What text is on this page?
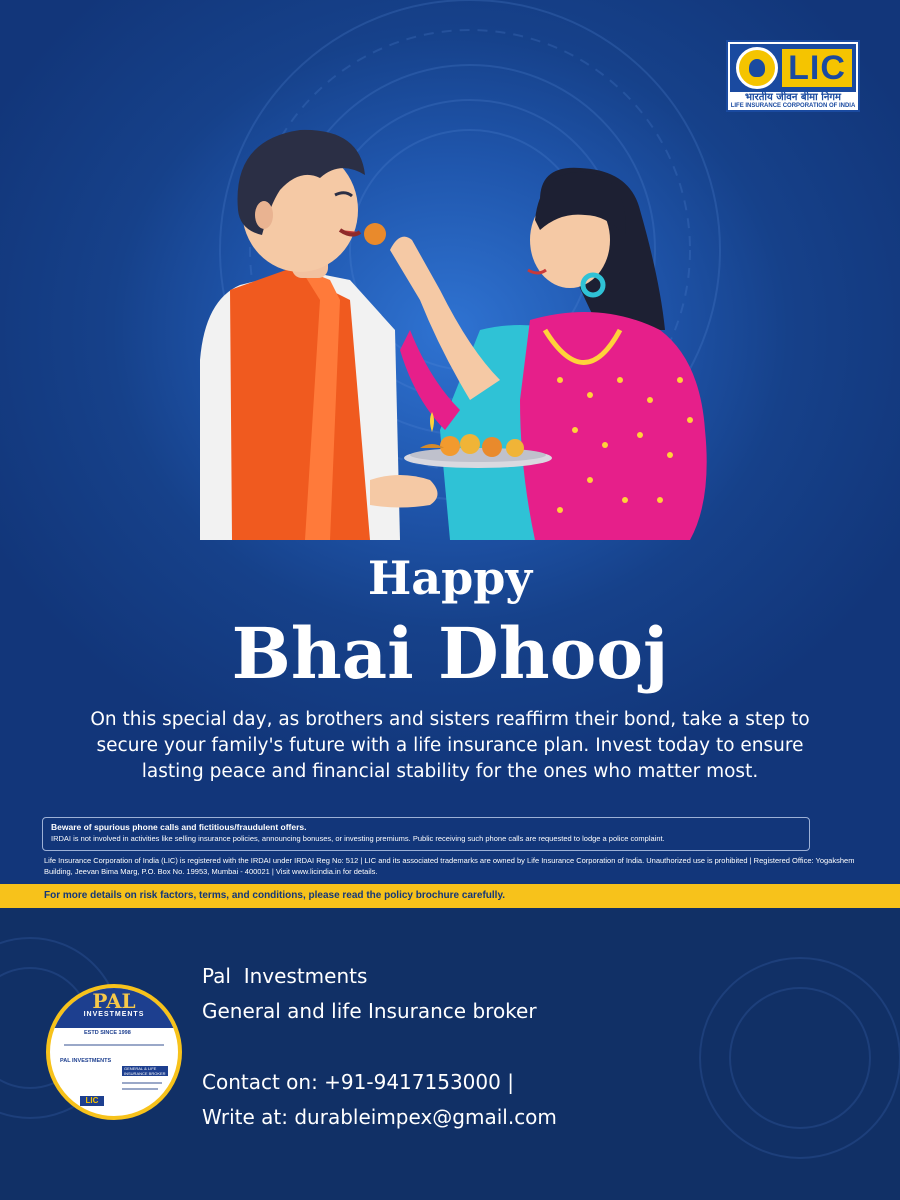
LIC
भारतीय जीवन बीमा निगम
LIFE INSURANCE CORPORATION OF INDIA
Happy
Bhai Dhooj

On this special day, as brothers and sisters reaffirm their bond, take a step to secure your family's future with a life insurance plan. Invest today to ensure lasting peace and financial stability for the ones who matter most.

Beware of spurious phone calls and fictitious/fraudulent offers.
IRDAI is not involved in activities like selling insurance policies, announcing bonuses, or investing premiums. Public receiving such phone calls are requested to lodge a police complaint.
Life Insurance Corporation of India (LIC) is registered with the IRDAI under IRDAI Reg No: 512 | LIC and its associated trademarks are owned by Life Insurance Corporation of India. Unauthorized use is prohibited | Registered Office: Yogakshem Building, Jeevan Bima Marg, P.O. Box No. 19953, Mumbai - 400021 | Visit www.licindia.in for details.
For more details on risk factors, terms, and conditions, please read the policy brochure carefully.
PAL
INVESTMENTS
ESTD SINCE 1998
PAL INVESTMENTS
GENERAL & LIFE INSURANCE BROKER
LIC
Pal  Investments
General and life Insurance broker
Contact on: +91-9417153000 |
Write at: durableimpex@gmail.com
